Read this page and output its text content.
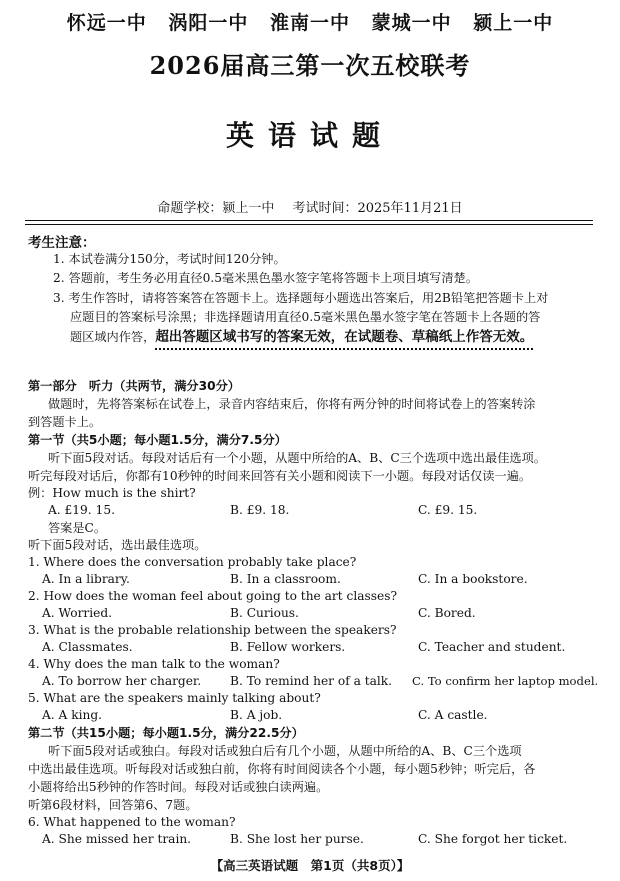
怀远一中 涡阳一中 淮南一中 蒙城一中 颍上一中
2026届高三第一次五校联考
英语试题
命题学校：颍上一中 考试时间：2025年11月21日
考生注意：
1. 本试卷满分150分，考试时间120分钟。
2. 答题前，考生务必用直径0.5毫米黑色墨水签字笔将答题卡上项目填写清楚。
3. 考生作答时，请将答案答在答题卡上。选择题每小题选出答案后，用2B铅笔把答题卡上对
应题目的答案标号涂黑；非选择题请用直径0.5毫米黑色墨水签字笔在答题卡上各题的答
题区域内作答，超出答题区域书写的答案无效，在试题卷、草稿纸上作答无效。
第一部分　听力（共两节，满分30分）
做题时，先将答案标在试卷上，录音内容结束后，你将有两分钟的时间将试卷上的答案转涂
到答题卡上。
第一节（共5小题；每小题1.5分，满分7.5分）
听下面5段对话。每段对话后有一个小题，从题中所给的A、B、C三个选项中选出最佳选项。
听完每段对话后，你都有10秒钟的时间来回答有关小题和阅读下一小题。每段对话仅读一遍。
例：How much is the shirt?
A. £19. 15.	B. £9. 18.	C. £9. 15.
答案是C。
听下面5段对话，选出最佳选项。
1. Where does the conversation probably take place?
A. In a library.	B. In a classroom.	C. In a bookstore.
2. How does the woman feel about going to the art classes?
A. Worried.	B. Curious.	C. Bored.
3. What is the probable relationship between the speakers?
A. Classmates.	B. Fellow workers.	C. Teacher and student.
4. Why does the man talk to the woman?
A. To borrow her charger. B. To remind her of a talk. C. To confirm her laptop model.
5. What are the speakers mainly talking about?
A. A king.	B. A job.	C. A castle.
第二节（共15小题；每小题1.5分，满分22.5分）
听下面5段对话或独白。每段对话或独白后有几个小题，从题中所给的A、B、C三个选项
中选出最佳选项。听每段对话或独白前，你将有时间阅读各个小题，每小题5秒钟；听完后，各
小题将给出5秒钟的作答时间。每段对话或独白读两遍。
听第6段材料，回答第6、7题。
6. What happened to the woman?
A. She missed her train.	B. She lost her purse.	C. She forgot her ticket.
【高三英语试题　第1页（共8页）】
